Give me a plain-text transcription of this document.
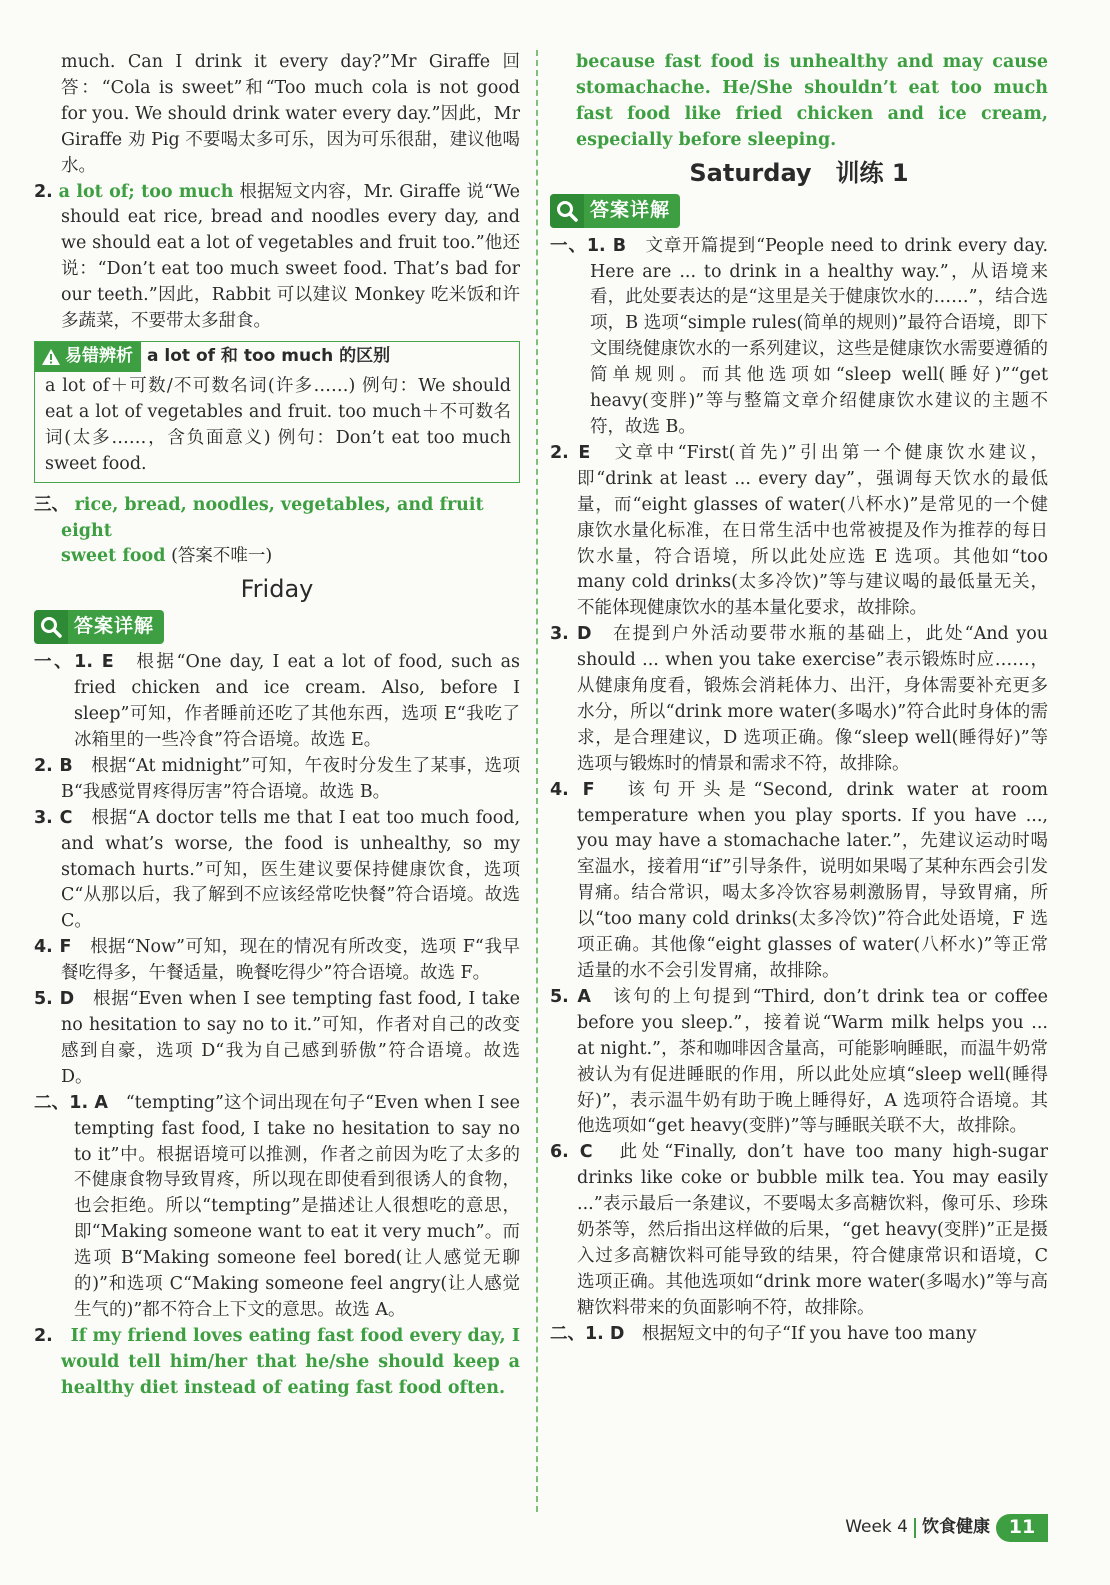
much. Can I drink it every day?”Mr Giraffe 回答：“Cola is sweet”和“Too much cola is not good for you. We should drink water every day.”因此，Mr Giraffe 劝 Pig 不要喝太多可乐，因为可乐很甜，建议他喝水。

2. a lot of; too much 根据短文内容，Mr. Giraffe 说“We should eat rice, bread and noodles every day, and we should eat a lot of vegetables and fruit too.”他还说：“Don’t eat too much sweet food. That’s bad for our teeth.”因此，Rabbit 可以建议 Monkey 吃米饭和许多蔬菜，不要带太多甜食。

易错辨析 a lot of 和 too much 的区别

a lot of＋可数/不可数名词(许多……) 例句：We should eat a lot of vegetables and fruit. too much＋不可数名词(太多……，含负面意义) 例句：Don’t eat too much sweet food.

三、 rice, bread, noodles, vegetables, and fruit
eight
sweet food (答案不唯一)

Friday
答案详解

一、1. E　 根据“One day, I eat a lot of food, such as fried chicken and ice cream. Also, before I sleep”可知，作者睡前还吃了其他东西，选项 E“我吃了冰箱里的一些冷食”符合语境。故选 E。

2. B　 根据“At midnight”可知，午夜时分发生了某事，选项 B“我感觉胃疼得厉害”符合语境。故选 B。

3. C　 根据“A doctor tells me that I eat too much food, and what’s worse, the food is unhealthy, so my stomach hurts.”可知，医生建议要保持健康饮食，选项 C“从那以后，我了解到不应该经常吃快餐”符合语境。故选 C。

4. F　 根据“Now”可知，现在的情况有所改变，选项 F“我早餐吃得多，午餐适量，晚餐吃得少”符合语境。故选 F。

5. D　 根据“Even when I see tempting fast food, I take no hesitation to say no to it.”可知，作者对自己的改变感到自豪，选项 D“我为自己感到骄傲”符合语境。故选 D。

二、1. A　 “tempting”这个词出现在句子“Even when I see tempting fast food, I take no hesitation to say no to it”中。根据语境可以推测，作者之前因为吃了太多的不健康食物导致胃疼，所以现在即使看到很诱人的食物，也会拒绝。所以“tempting”是描述让人很想吃的意思，即“Making someone want to eat it very much”。而选项 B“Making someone feel bored(让人感觉无聊的)”和选项 C“Making someone feel angry(让人感觉生气的)”都不符合上下文的意思。故选 A。

2.　 If my friend loves eating fast food every day, I would tell him/her that he/she should keep a healthy diet instead of eating fast food often.

because fast food is unhealthy and may cause stomachache. He/She shouldn’t eat too much fast food like fried chicken and ice cream, especially before sleeping.

Saturday　训练 1
答案详解

一、1. B　 文章开篇提到“People need to drink every day. Here are ... to drink in a healthy way.”，从语境来看，此处要表达的是“这里是关于健康饮水的……”，结合选项，B 选项“simple rules(简单的规则)”最符合语境，即下文围绕健康饮水的一系列建议，这些是健康饮水需要遵循的简单规则。而其他选项如“sleep well(睡好)”“get heavy(变胖)”等与整篇文章介绍健康饮水建议的主题不符，故选 B。

2. E　 文章中“First(首先)”引出第一个健康饮水建议，即“drink at least ... every day”，强调每天饮水的最低量，而“eight glasses of water(八杯水)”是常见的一个健康饮水量化标准，在日常生活中也常被提及作为推荐的每日饮水量，符合语境，所以此处应选 E 选项。其他如“too many cold drinks(太多冷饮)”等与建议喝的最低量无关，不能体现健康饮水的基本量化要求，故排除。

3. D　 在提到户外活动要带水瓶的基础上，此处“And you should ... when you take exercise”表示锻炼时应……，从健康角度看，锻炼会消耗体力、出汗，身体需要补充更多水分，所以“drink more water(多喝水)”符合此时身体的需求，是合理建议，D 选项正确。像“sleep well(睡得好)”等选项与锻炼时的情景和需求不符，故排除。

4. F　 该句开头是“Second, drink water at room temperature when you play sports. If you have ..., you may have a stomachache later.”，先建议运动时喝室温水，接着用“if”引导条件，说明如果喝了某种东西会引发胃痛。结合常识，喝太多冷饮容易刺激肠胃，导致胃痛，所以“too many cold drinks(太多冷饮)”符合此处语境，F 选项正确。其他像“eight glasses of water(八杯水)”等正常适量的水不会引发胃痛，故排除。

5. A　 该句的上句提到“Third, don’t drink tea or coffee before you sleep.”，接着说“Warm milk helps you ... at night.”，茶和咖啡因含量高，可能影响睡眠，而温牛奶常被认为有促进睡眠的作用，所以此处应填“sleep well(睡得好)”，表示温牛奶有助于晚上睡得好，A 选项符合语境。其他选项如“get heavy(变胖)”等与睡眠关联不大，故排除。

6. C　 此处“Finally, don’t have too many high-sugar drinks like coke or bubble milk tea. You may easily ...”表示最后一条建议，不要喝太多高糖饮料，像可乐、珍珠奶茶等，然后指出这样做的后果，“get heavy(变胖)”正是摄入过多高糖饮料可能导致的结果，符合健康常识和语境，C 选项正确。其他选项如“drink more water(多喝水)”等与高糖饮料带来的负面影响不符，故排除。

二、1. D　 根据短文中的句子“If you have too many

Week 4 饮食健康 11
